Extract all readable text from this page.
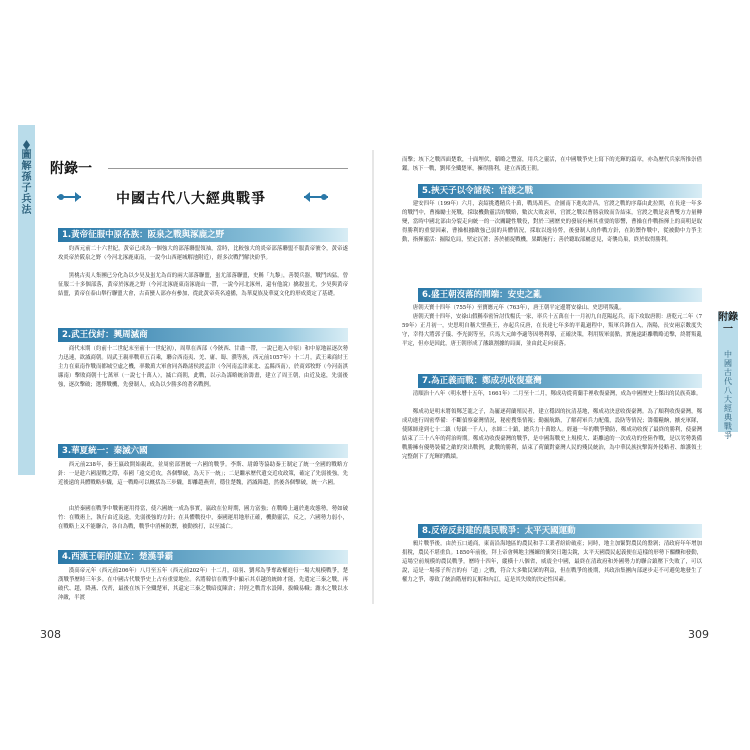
圖解孫子兵法
附錄一
中國古代八大經典戰爭
附錄一
中國古代八大經典戰爭
1.黃帝征服中原各族：阪泉之戰與涿鹿之野
約西元前二十六世紀，黃帝已成為一個強大的部落聯盟領袖，當時，比較強大的炎帝部落聯盟不服黃帝號令，黃帝遂攻炎帝於阪泉之野（今河北涿鹿東南，一說今山西運城解池附近），經多次戰鬥解決紛爭。
黑桃古夷人集團已分化為以少昊及蚩尤為首的兩大部落聯盟，蚩尤部落聯盟，史稱「九黎」，善製兵器，戰鬥凶猛，曾征服二十多個部落，黃帝於涿鹿之野（今河北涿鹿東南涿鹿山一帶，一說今河北涿州，還有他說）擒殺蚩尤，少昊與黃帝結盟，黃帝在泰山舉行聯盟大會，古苗蠻人部亦有參加，從此黃帝英名遠播，為華夏族及華夏文化的形成奠定了基礎。
2.武王伐紂：興周滅商
商代末期（約前十二世紀末至前十一世紀初），周單在西部（今陝西、甘肅一帶，一說已進入中原）和中原地區逐次勢力迅速，欲滅商朝。周武王親率戰車五百乘，聯合西南夷、羌、庸、蜀、濮等族，西元前1057年）十二月，武王乘商紂王主力在東南作戰而都城空虛之機，率數萬大軍會同各路諸侯渡孟津（今河南孟津東北、孟縣西南），於商郊牧野（今河南淇縣南）擊敗商朝十七萬軍（一說七十萬人），滅亡商朝，此戰，以示為謀略統治籌畫，建立了周王朝，由近及遠，先弱後強，逐次擊破；選擇戰機，先發制人，成為以少勝多的著名戰例。
3.華夏統一：秦滅六國
西元前238年，秦王嬴政開始親政，並周密部署統一六國的戰爭。李斯、尉繚等協助秦王制定了統一全國的戰略方針：一是趁六國混戰之際，奉國「遠交近攻，各個擊破，為天下一統」；二是繼承歷代遺交近攻政策，確定了先弱後強，先近後遠的具體戰略步驟，這一戰略可以概括為三步驟，即離趙燕齊，穩住楚魏，消滅韓趙，然後各個擊破，統一六國。
由於秦國在戰爭中戰術運用得當，使六國統一成為事實，嬴政在位時期，國力富強；在戰略上適於進攻態勢，勢如破竹：在戰術上，執行由近及遠，先弱後強的方針；在具體戰役中，秦國運用地形正確，機動靈活，反之，六國勢力弱小，在戰略上又不能聯合，各自為戰，戰爭中消極防禦，被動挨打，以至滅亡。
4.西漢王朝的建立：楚漢爭霸
漢高帝元年（西元前206年）八月至五年（西元前202年）十二月，項羽、劉邦為爭奪政權進行一場大規模戰爭，楚漢戰爭歷時三年多。在中國古代戰爭史上占有重要地位。名將韓信在戰爭中顯示其卓越的統帥才能，先遣定三秦之戰，再破代、趙，降燕、伐齊，最後在垓下全殲楚軍，其還定三秦之戰暗度陳倉；井陘之戰背水設陣，拔幟易幟；濰水之戰以水沖敵，半渡
308
而擊；垓下之戰四面楚歌，十面埋伏，韜略之豐富，用兵之靈活，在中國戰爭史上寫下的光輝的篇章，亦為歷代兵家所推崇借鑑。垓下一戰，劉邦全殲楚軍，擁得勝利，建立西漢王朝。
5.挾天子以令諸侯：官渡之戰
建安四年（199年）六月，袁紹挑選精兵十萬，戰馬萬匹，企圖南下進攻許昌，官渡之戰的序幕由此拉開，在長達一年多的戰鬥中，曹操勵士死戰，採取機動靈活的戰略，數次大敗袁軍，官渡之戰以曹勝袁敗而告結束，官渡之戰是袁曹雙方力量轉變，當時中國北部由分裂走向統一的一次關鍵性戰役，對於三國歷史的發展有極其重要的影響，曹操在作戰指揮上的高明是取得勝利的重要因素，曹操根據敵強己弱的具體情況，採取以逸待勞，後發制人的作戰方針，在防禦作戰中，從被動中力爭主動，指揮靈活：掘隘危局，堅定沉著；善於捕捉戰機，果斷施行；善於聽取部屬意見，奇襲烏巢，終於取得勝利。
6.盛王朝沒落的開端：安史之亂
唐朝天寶十四年（755年）至寶應元年（763年），唐王朝平定邊將安祿山、史思明叛亂。
唐朝天寶十四年，安祿山假稱奉密旨討伐楊氏一家，率兵十五萬在十一月初九自范陽起兵，南下攻取唐朝：唐乾元二年（759年）正月初一，史思明自稱大聖燕王，亦起兵反唐，在長達七年多的平亂過程中，叛軍兵鋒直入，洛陽，長安兩京數度失守，幸得大將郭子儀、李光弼等至，兵馬大元帥李適等因勢利導，正確決策，利用叛軍弱點，實施遠距離戰略追擊，終將叛亂平定，但亦是因此，唐王朝形成了藩鎮割據的局面，並由此走向衰落。
7.為正義而戰：鄭成功收復臺灣
清順治十八年（明永曆十五年，1661年）二月至十二月，鄭成功從荷蘭手裡收復臺灣，成為中國歷史上傑出的民族英雄。
鄭成功是明末將領鄭芝龍之子，為屢逐荷蘭殖民者，建立穩固的抗清基地，鄭成功決意收復臺灣。為了順利收復臺灣，鄭成功進行周密準備：不斷偵察臺灣情況，秘密搜集情報；勤掘航路，了解荷軍兵力配備，設防等情況；籌備糧餉，擴充軍隊，使隊師達到七十二鎮（每鎮一千人），水師二十鎮，總兵力十萬餘人。經過一年的戰爭勤防，鄭成功收復了最終的勝利，使臺灣結束了三十八年的荷治時期。鄭成功收復臺灣的戰爭，是中國海戰史上規模大、距離遠的一次成功的登陸作戰，是以劣勢裝備戰勝擁有優勢裝備之敵的突出戰例，此戰的勝利，結束了荷蘭對臺灣人民的殘民統治，為中華民族抗擊海外侵略者、維護領土完整創下了光輝的戰績。
8.反帝反封建的農民戰爭：太平天國運動
鴉片戰爭後，由於五口通商，東南沿海地區的農民和手工業者紛紛破產；同時，地主加緊對農民的盤剝；清政府年年增加捐稅，農民不堪重負。1850年前後，拜上帝會興地主團練的衝突日趨尖銳，太平天國農民起義便在這樣的形勢下醞釀和發動，這場空前規模的農民戰爭，歷時十四年，縱橫十八個省，威震全中國，最終在清政府和外國勢力的聯合鎮壓下失敗了，可以說，這是一場孫子所言的有「道」之戰，符合大多數民眾的利益，但在戰爭的後期，其政治集團內部逐步走不可避免地發生了權力之爭，導致了統治階層的瓦解和內訌，這是其失敗的決定性因素。
309
